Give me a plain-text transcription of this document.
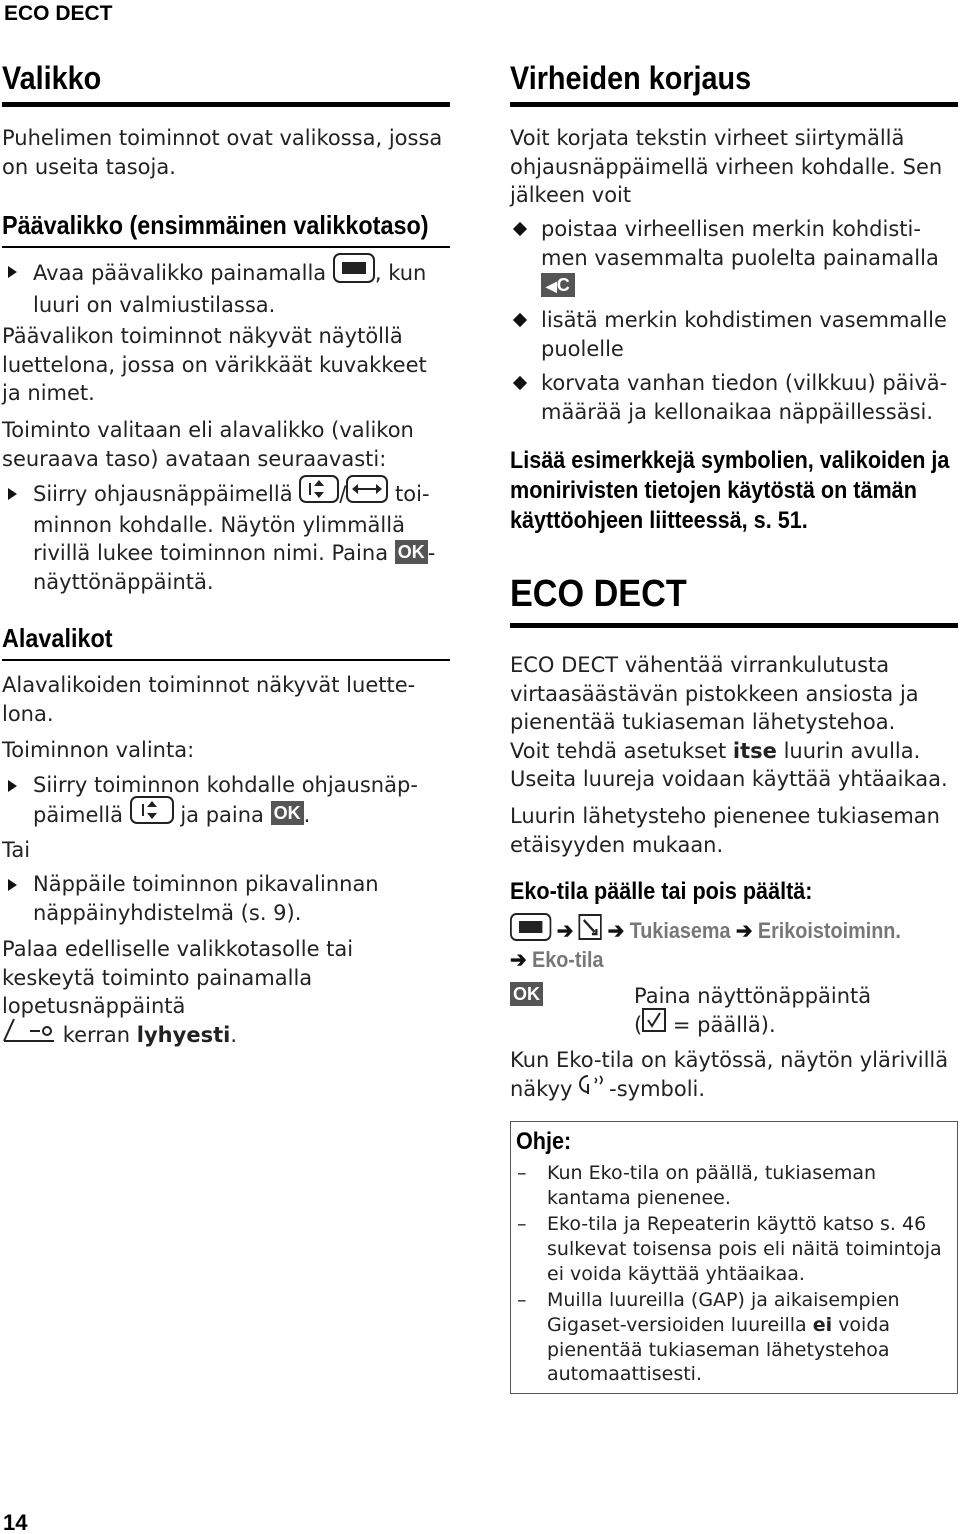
ECO DECT
Valikko
Puhelimen toiminnot ovat valikossa, jossa on useita tasoja.
Päävalikko (ensimmäinen valikkotaso)
Avaa päävalikko painamalla , kun
luuri on valmiustilassa.
Päävalikon toiminnot näkyvät näytöllä luettelona, jossa on värikkäät kuvakkeet ja nimet.
Toiminto valitaan eli alavalikko (valikon seuraava taso) avataan seuraavasti:
Siirry ohjausnäppäimellä / toi- minnon kohdalle. Näytön ylimmällä rivillä lukee toiminnon nimi. Paina OK - näyttönäppäintä.
Alavalikot
Alavalikoiden toiminnot näkyvät luette-lona.
Toiminnon valinta:
Siirry toiminnon kohdalle ohjausnäp-
päimellä	ja paina OK .
Tai
Näppäile toiminnon pikavalinnan näppäinyhdistelmä (s. 9).
Palaa edelliselle valikkotasolle tai keskeytä toiminto painamalla lopetusnäppäintä
kerran lyhyesti.
Virheiden korjaus
Voit korjata tekstin virheet siirtymällä ohjausnäppäimellä virheen kohdalle. Sen jälkeen voit
poistaa virheellisen merkin kohdisti-men vasemmalta puolelta painamalla
◀C
lisätä merkin kohdistimen vasemmalle puolelle
korvata vanhan tiedon (vilkkuu) päivä-määrää ja kellonaikaa näppäillessäsi.
Lisää esimerkkejä symbolien, valikoiden ja monirivisten tietojen käytöstä on tämän käyttöohjeen liitteessä, s. 51.
ECO DECT
ECO DECT vähentää virrankulutusta virtaasäästävän pistokkeen ansiosta ja pienentää tukiaseman lähetystehoa.
Voit tehdä asetukset itse luurin avulla.
Useita luureja voidaan käyttää yhtäaikaa.
Luurin lähetysteho pienenee tukiaseman etäisyyden mukaan.
Eko-tila päälle tai pois päältä:
➔ ➔ Tukiasema ➔ Erikoistoiminn.
➔ Eko-tila
OK	Paina näyttönäppäintä
( = päällä).
Kun Eko-tila on käytössä, näytön ylärivillä
näkyy -symboli.
Ohje:
– Kun Eko-tila on päällä, tukiaseman kantama pienenee.
– Eko-tila ja Repeaterin käyttö katso s. 46 sulkevat toisensa pois eli näitä toimintoja ei voida käyttää yhtäaikaa.
– Muilla luureilla (GAP) ja aikaisempien Gigaset-versioiden luureilla ei voida pienentää tukiaseman lähetystehoa automaattisesti.
14
